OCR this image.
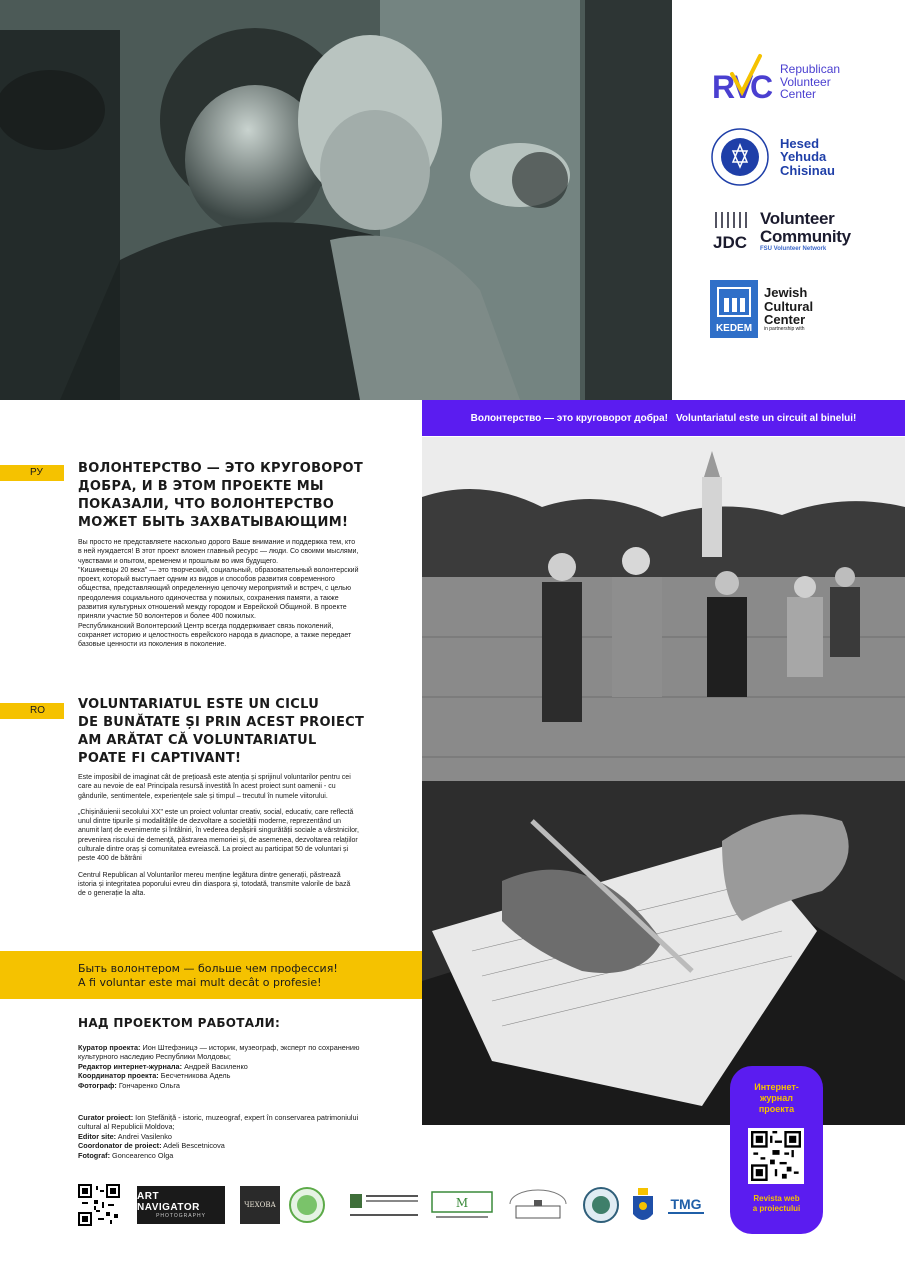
R
V
C Republican
Volunteer
Center
Hesed
Yehuda
Chisinau
JDC
Volunteer
Community
FSU Volunteer Network
KEDEM
Jewish
Cultural
Center
in partnership with
Волонтерство — это круговорот добра! Voluntariatul este un circuit al binelui!
РУ	ВОЛОНТЕРСТВО — ЭТО КРУГОВОРОТ
ДОБРА, И В ЭТОМ ПРОЕКТЕ МЫ
ПОКАЗАЛИ, ЧТО ВОЛОНТЕРСТВО
МОЖЕТ БЫТЬ ЗАХВАТЫВАЮЩИМ!

Вы просто не представляете насколько дорого Ваше внимание и поддержка тем, кто в ней нуждается! В этот проект вложен главный ресурс — люди. Со своими мыслями, чувствами и опытом, временем и прошлым во имя будущего.

"Кишиневцы 20 века" — это творческий, социальный, образовательный волонтерский проект, который выступает одним из видов и способов развития современного общества, представляющий определенную цепочку мероприятий и встреч, с целью преодоления социального одиночества у пожилых, сохранения памяти, а также развития культурных отношений между городом и Еврейской Общиной. В проекте приняли участие 50 волонтеров и более 400 пожилых.

Республиканский Волонтерский Центр всегда поддерживает связь поколений, сохраняет историю и целостность еврейского народа в диаспоре, а также передает базовые ценности из поколения в поколение.

RO	VOLUNTARIATUL ESTE UN CICLU
DE BUNĂTATE ȘI PRIN ACEST PROIECT
AM ARĂTAT CĂ VOLUNTARIATUL
POATE FI CAPTIVANT!

Este imposibil de imaginat cât de prețioasă este atenția și sprijinul voluntarilor pentru cei care au nevoie de ea! Principala resursă investită în acest proiect sunt oamenii - cu gândurile, sentimentele, experiențele sale și timpul – trecutul în numele viitorului.

„Chișinăuienii secolului XX" este un proiect voluntar creativ, social, educativ, care reflectă unul dintre tipurile și modalitățile de dezvoltare a societății moderne, reprezentând un anumit lanț de evenimente și întâlniri, în vederea depășirii singurătății sociale a vârstnicilor, prevenirea riscului de demență, păstrarea memoriei și, de asemenea, dezvoltarea relațiilor culturale dintre oraș și comunitatea evreiască. La proiect au participat 50 de voluntari și peste 400 de bătrâni

Centrul Republican al Voluntarilor mereu menține legătura dintre generații, păstrează istoria și integritatea poporului evreu din diaspora și, totodată, transmite valorile de bază de o generație la alta.

Быть волонтером — больше чем профессия!
A fi voluntar este mai mult decât o profesie!
НАД ПРОЕКТОМ РАБОТАЛИ:
Куратор проекта: Ион Штефэницэ — историк, музеограф, эксперт по сохранению культурного наследию Республики Молдовы;
Редактор интернет-журнала: Андрей Василенко
Координатор проекта: Бесчетникова Адель
Фотограф: Гончаренко Ольга
Curator proiect: Ion Ștefăniță - istoric, muzeograf, expert în conservarea patrimoniului cultural al Republicii Moldova;
Editor site: Andrei Vasilenko
Coordonator de proiect: Adeli Bescetnicova
Fotograf: Goncearenco Olga
ART NAVIGATOR
PHOTOGRAPHY
ЧЕХОВА	M	TMG
Интернет-
журнал
проекта
Revista web
a proiectului
